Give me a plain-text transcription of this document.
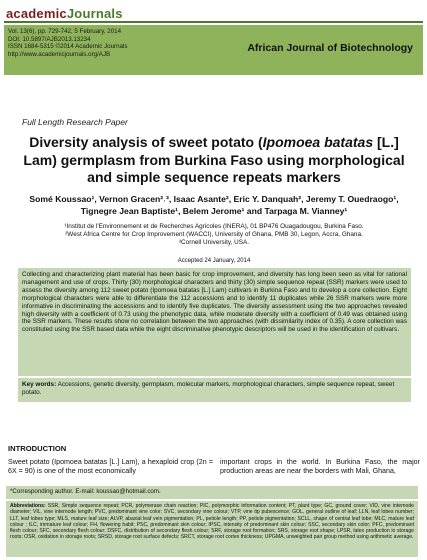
academicJournals
Vol. 13(6), pp. 729-742, 5 February, 2014
DOI: 10.5897/AJB2013.13234
ISSN 1684-5315 ©2014 Academic Journals
http://www.academicjournals.org/AJB
African Journal of Biotechnology
Full Length Research Paper
Diversity analysis of sweet potato (Ipomoea batatas [L.] Lam) germplasm from Burkina Faso using morphological and simple sequence repeats markers
Somé Koussao¹, Vernon Gracen²˒³, Isaac Asante², Eric Y. Danquah², Jeremy T. Ouedraogo¹,
Tignegre Jean Baptiste¹, Belem Jerome¹ and Tarpaga M. Vianney¹
¹Institut de l'Environnement et de Recherches Agricoles (INERA), 01 BP476 Ouagadougou, Burkina Faso.
²West Africa Centre for Crop Improvement (WACCI), University of Ghana, PMB 30, Legon, Accra, Ghana.
³Cornell University, USA.
Accepted 24 January, 2014
Collecting and characterizing plant material has been basic for crop improvement, and diversity has long been seen as vital for rational management and use of crops. Thirty (30) morphological characters and thirty (30) simple sequence repeat (SSR) markers were used to assess the diversity among 112 sweet potato (Ipomoea batatas [L.] Lam) cultivars in Burkina Faso and to develop a core collection. Eight morphological characters were able to differentiate the 112 accessions and to identify 11 duplicates while 26 SSR markers were more informative in discriminating the accessions and to identify five duplicates. The diversity assessment using the two approaches revealed high diversity with a coefficient of 0.73 using the phenotypic data, while moderate diversity with a coefficient of 0.49 was obtained using the SSR markers. These results show no correlation between the two approaches (with dissimilarity index of 0.35). A core collection was constituted using the SSR based data while the eight discriminative phenotypic descriptors will be used in the identification of cultivars.
Key words: Accessions, genetic diversity, germplasm, molecular markers, morphological characters, simple sequence repeat, sweet potato.
INTRODUCTION
Sweet potato (Ipomoea batatas [L.] Lam), a hexaploid crop (2n = 6X = 90) is one of the most economically
important crops in the world. In Burkina Faso, the major production areas are near the borders with Mali, Ghana,
*Corresponding author. E-mail: koussao@hotmail.com.
Abbreviations: SSR, Simple sequence repeat; PCR, polymerase chain reaction; PIC, polymorphic information content; PT, plant type; GC, ground cover; VID, vine internode diameter; VIL, vine internode length; PVC, predominant vine color; SVC, secondary vine colour; VTP, vine tip pubescence; GOL, general outline of leaf; LLN, leaf lobes number; LLT, leaf lobes type; MLS, mature leaf size; ALVP, abaxial leaf vein pigmentation; PL, petiole length; PP, petiole pigmentation; SCLL, shape of central leaf lobe; MLC, mature leaf colour ; ILC, immature leaf colour; FH, flowering habit; PSC, predominant skin colour; IPSC, intensity of predominant skin colour; SSC, secondary skin color; PFC, predominant flesh colour; SFC, secondary flesh colour; DSFC, distribution of secondary flesh colour; SRF, storage root formation; SRS, storage root shape; LPSR, latex production in storage roots; OSR, oxidation in storage roots; SRSD, storage root surface defects; SRCT, storage root cortex thickness; UPGMA, unweighted pair group method using arithmetic average.
